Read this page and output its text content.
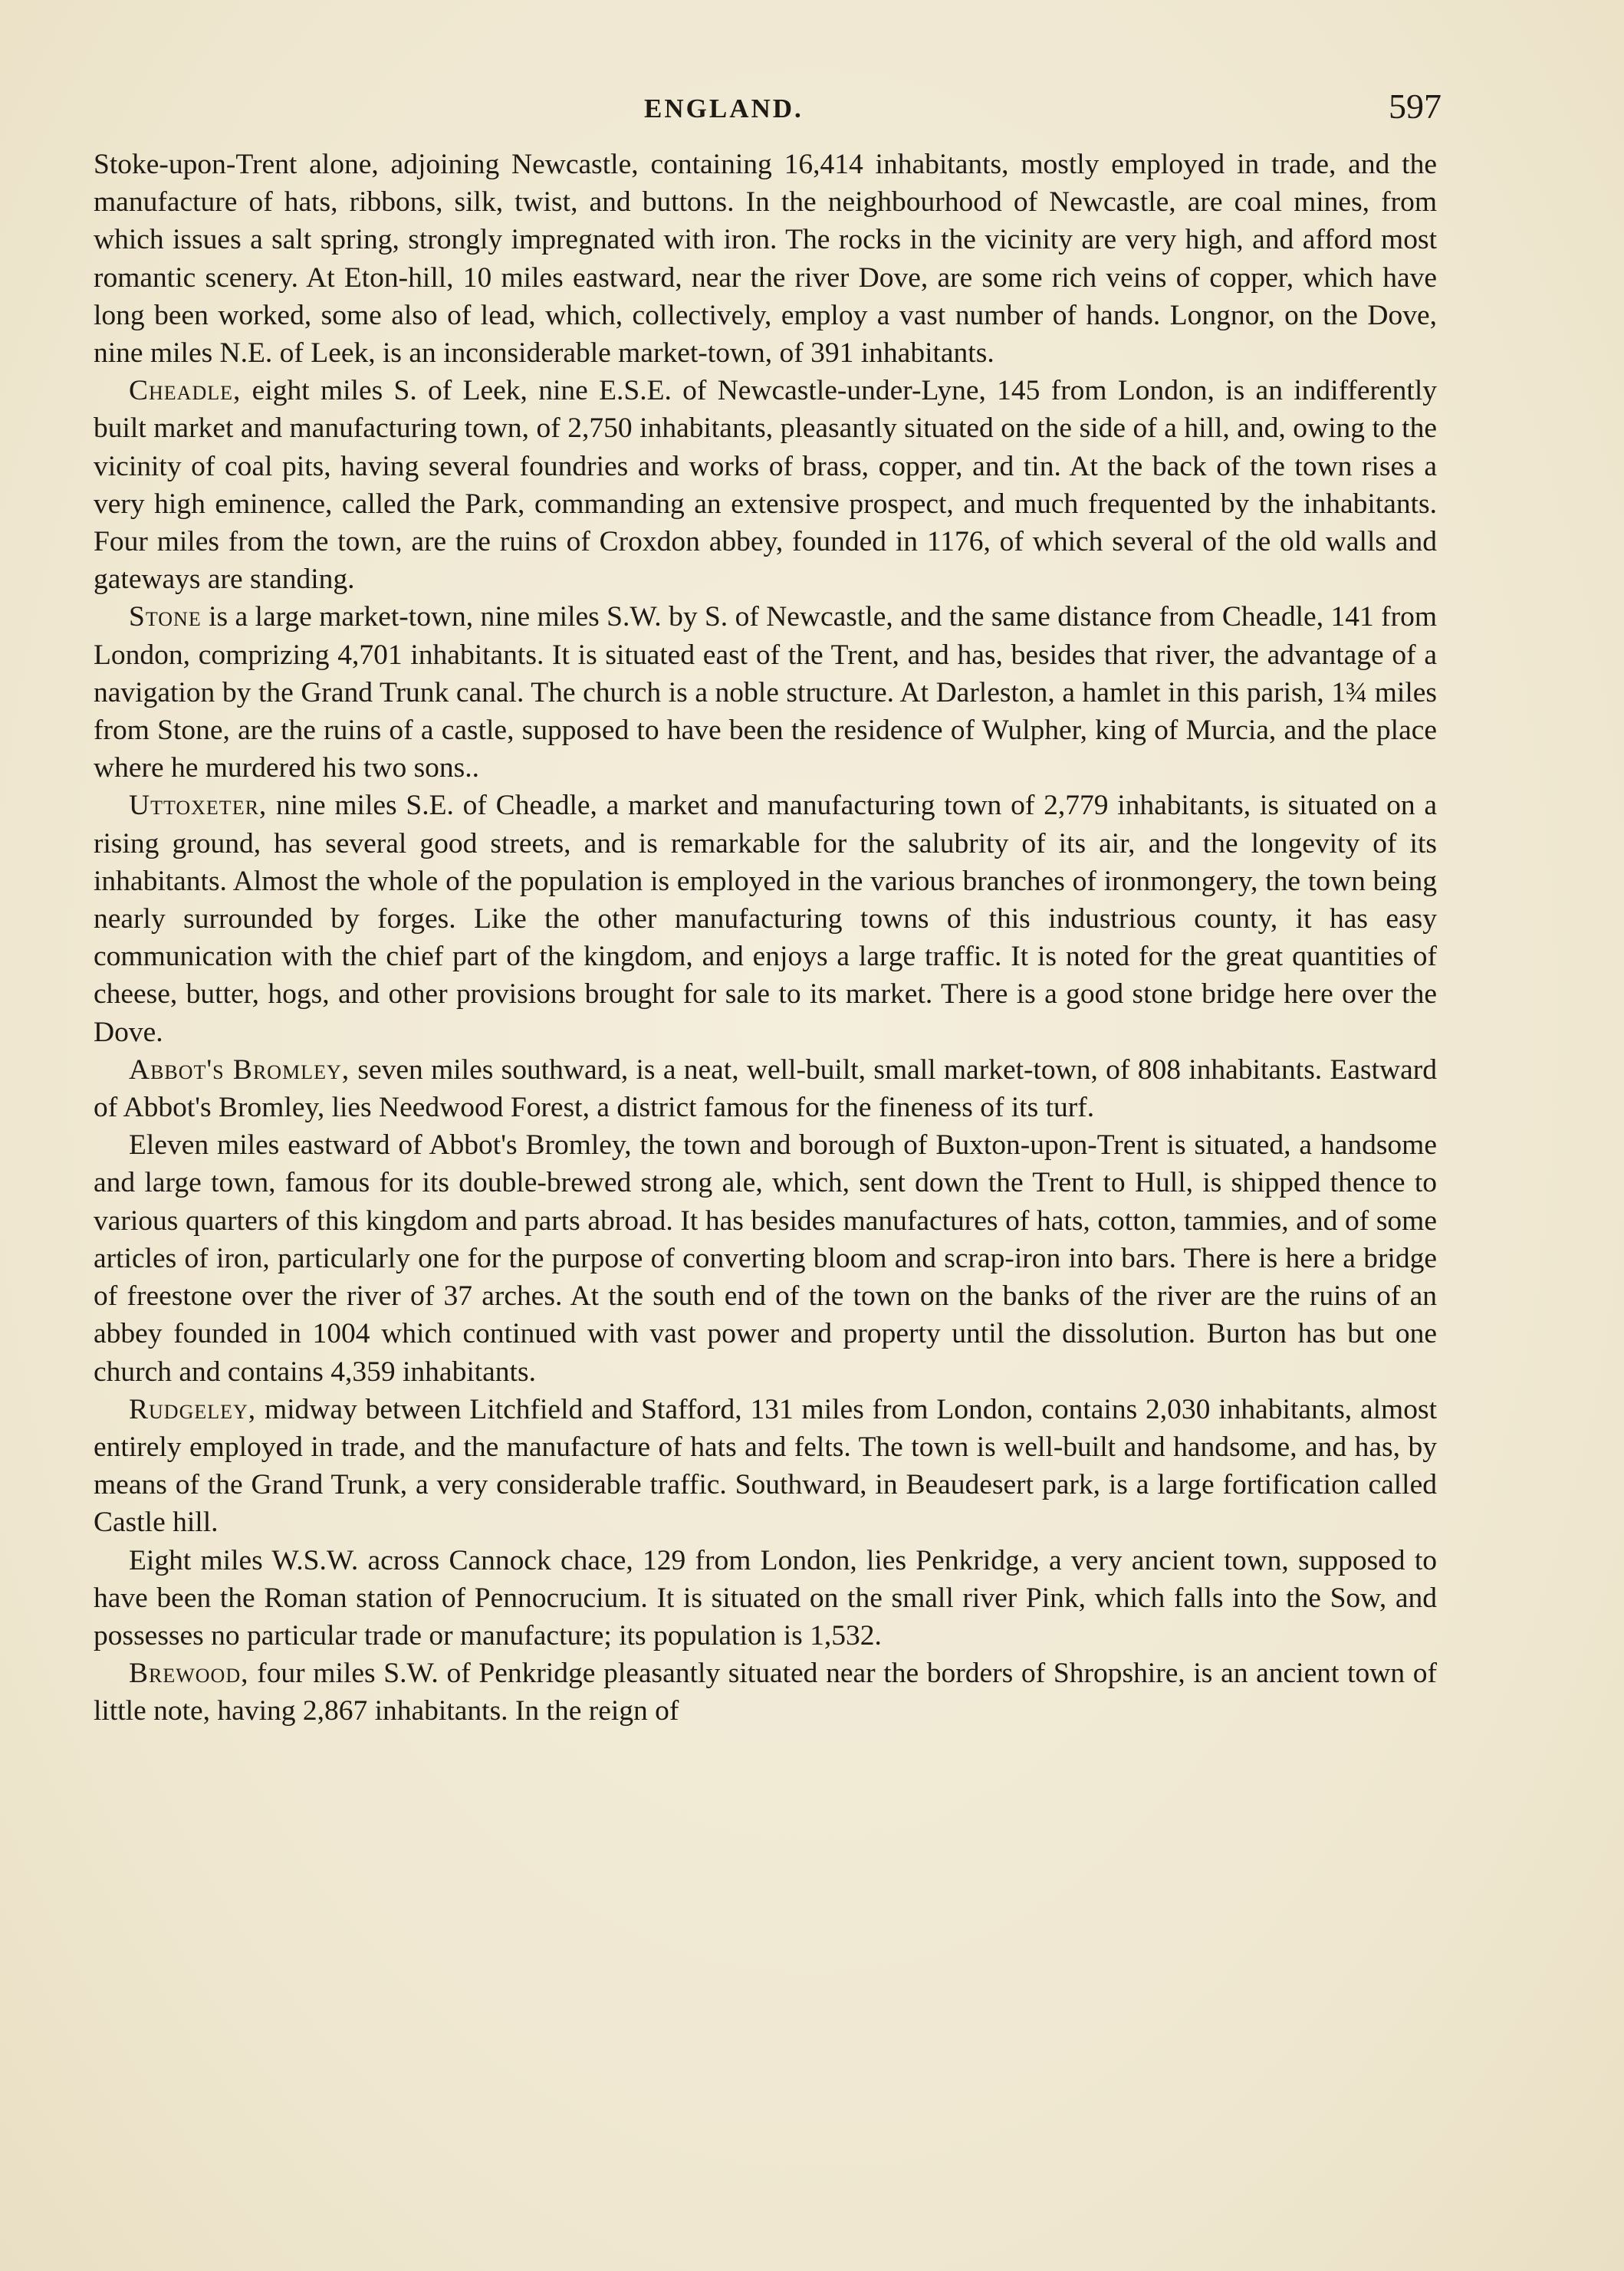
ENGLAND.	597

Stoke-upon-Trent alone, adjoining Newcastle, containing 16,414 inhabitants, mostly employed in trade, and the manufacture of hats, ribbons, silk, twist, and buttons. In the neighbourhood of Newcastle, are coal mines, from which issues a salt spring, strongly impregnated with iron. The rocks in the vicinity are very high, and afford most romantic scenery. At Eton-hill, 10 miles eastward, near the river Dove, are some rich veins of copper, which have long been worked, some also of lead, which, collectively, employ a vast number of hands. Longnor, on the Dove, nine miles N.E. of Leek, is an inconsiderable market-town, of 391 inhabitants.

Cheadle, eight miles S. of Leek, nine E.S.E. of Newcastle-under-Lyne, 145 from London, is an indifferently built market and manufacturing town, of 2,750 inhabitants, pleasantly situated on the side of a hill, and, owing to the vicinity of coal pits, having several foundries and works of brass, copper, and tin. At the back of the town rises a very high eminence, called the Park, commanding an extensive prospect, and much frequented by the inhabitants. Four miles from the town, are the ruins of Croxdon abbey, founded in 1176, of which several of the old walls and gateways are standing.

Stone is a large market-town, nine miles S.W. by S. of Newcastle, and the same distance from Cheadle, 141 from London, comprizing 4,701 inhabitants. It is situated east of the Trent, and has, besides that river, the advantage of a navigation by the Grand Trunk canal. The church is a noble structure. At Darleston, a hamlet in this parish, 1¾ miles from Stone, are the ruins of a castle, supposed to have been the residence of Wulpher, king of Murcia, and the place where he murdered his two sons..

Uttoxeter, nine miles S.E. of Cheadle, a market and manufacturing town of 2,779 inhabitants, is situated on a rising ground, has several good streets, and is remarkable for the salubrity of its air, and the longevity of its inhabitants. Almost the whole of the population is employed in the various branches of ironmongery, the town being nearly surrounded by forges. Like the other manufacturing towns of this industrious county, it has easy communication with the chief part of the kingdom, and enjoys a large traffic. It is noted for the great quantities of cheese, butter, hogs, and other provisions brought for sale to its market. There is a good stone bridge here over the Dove.

Abbot's Bromley, seven miles southward, is a neat, well-built, small market-town, of 808 inhabitants. Eastward of Abbot's Bromley, lies Needwood Forest, a district famous for the fineness of its turf.

Eleven miles eastward of Abbot's Bromley, the town and borough of Buxton-upon-Trent is situated, a handsome and large town, famous for its double-brewed strong ale, which, sent down the Trent to Hull, is shipped thence to various quarters of this kingdom and parts abroad. It has besides manufactures of hats, cotton, tammies, and of some articles of iron, particularly one for the purpose of converting bloom and scrap-iron into bars. There is here a bridge of freestone over the river of 37 arches. At the south end of the town on the banks of the river are the ruins of an abbey founded in 1004 which continued with vast power and property until the dissolution. Burton has but one church and contains 4,359 inhabitants.

Rudgeley, midway between Litchfield and Stafford, 131 miles from London, contains 2,030 inhabitants, almost entirely employed in trade, and the manufacture of hats and felts. The town is well-built and handsome, and has, by means of the Grand Trunk, a very considerable traffic. Southward, in Beaudesert park, is a large fortification called Castle hill.

Eight miles W.S.W. across Cannock chace, 129 from London, lies Penkridge, a very ancient town, supposed to have been the Roman station of Pennocrucium. It is situated on the small river Pink, which falls into the Sow, and possesses no particular trade or manufacture; its population is 1,532.

Brewood, four miles S.W. of Penkridge pleasantly situated near the borders of Shropshire, is an ancient town of little note, having 2,867 inhabitants. In the reign of
